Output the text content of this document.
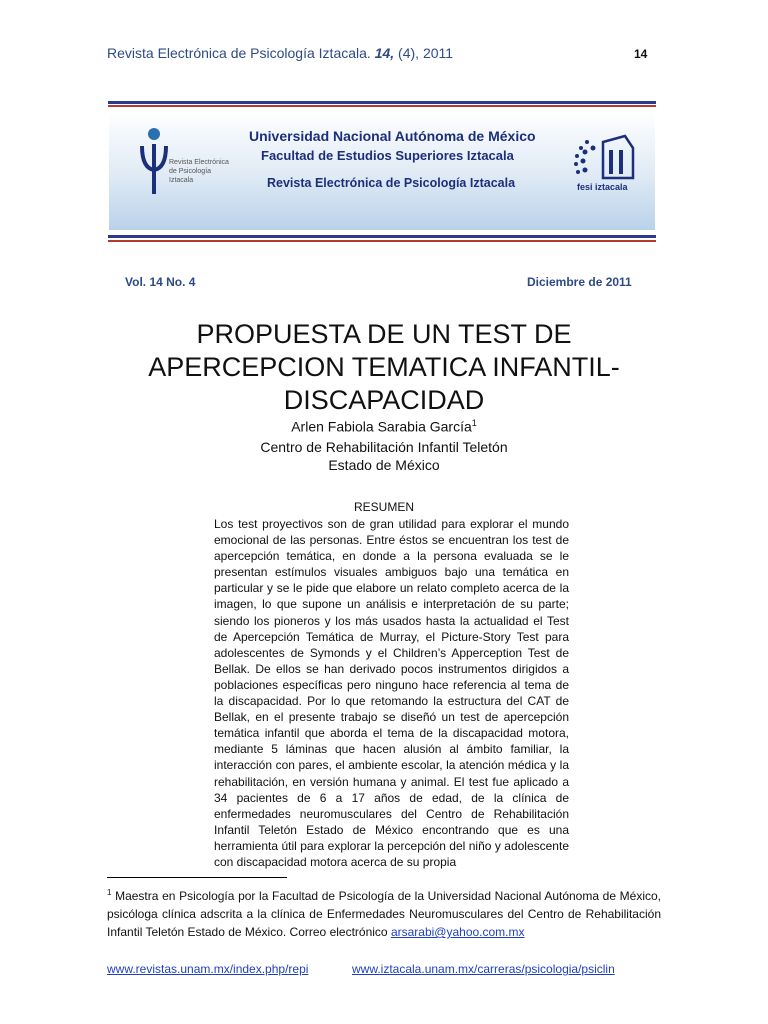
Revista Electrónica de Psicología Iztacala. 14, (4), 2011	14
Revista Electrónica de Psicología Iztacala
Universidad Nacional Autónoma de México
Facultad de Estudios Superiores Iztacala
Revista Electrónica de Psicología Iztacala	fesi iztacala
Vol. 14 No. 4	Diciembre de 2011
PROPUESTA DE UN TEST DE APERCEPCION TEMATICA INFANTIL-DISCAPACIDAD
Arlen Fabiola Sarabia García$^1$
Centro de Rehabilitación Infantil Teletón
Estado de México
RESUMEN
Los test proyectivos son de gran utilidad para explorar el mundo emocional de las personas. Entre éstos se encuentran los test de apercepción temática, en donde a la persona evaluada se le presentan estímulos visuales ambiguos bajo una temática en particular y se le pide que elabore un relato completo acerca de la imagen, lo que supone un análisis e interpretación de su parte; siendo los pioneros y los más usados hasta la actualidad el Test de Apercepción Temática de Murray, el Picture-Story Test para adolescentes de Symonds y el Children’s Apperception Test de Bellak. De ellos se han derivado pocos instrumentos dirigidos a poblaciones específicas pero ninguno hace referencia al tema de la discapacidad. Por lo que retomando la estructura del CAT de Bellak, en el presente trabajo se diseñó un test de apercepción temática infantil que aborda el tema de la discapacidad motora, mediante 5 láminas que hacen alusión al ámbito familiar, la interacción con pares, el ambiente escolar, la atención médica y la rehabilitación, en versión humana y animal. El test fue aplicado a 34 pacientes de 6 a 17 años de edad, de la clínica de enfermedades neuromusculares del Centro de Rehabilitación Infantil Teletón Estado de México encontrando que es una herramienta útil para explorar la percepción del niño y adolescente con discapacidad motora acerca de su propia
$^1$ Maestra en Psicología por la Facultad de Psicología de la Universidad Nacional Autónoma de México, psicóloga clínica adscrita a la clínica de Enfermedades Neuromusculares del Centro de Rehabilitación Infantil Teletón Estado de México. Correo electrónico arsarabi@yahoo.com.mx
www.revistas.unam.mx/index.php/repi	www.iztacala.unam.mx/carreras/psicologia/psiclin
